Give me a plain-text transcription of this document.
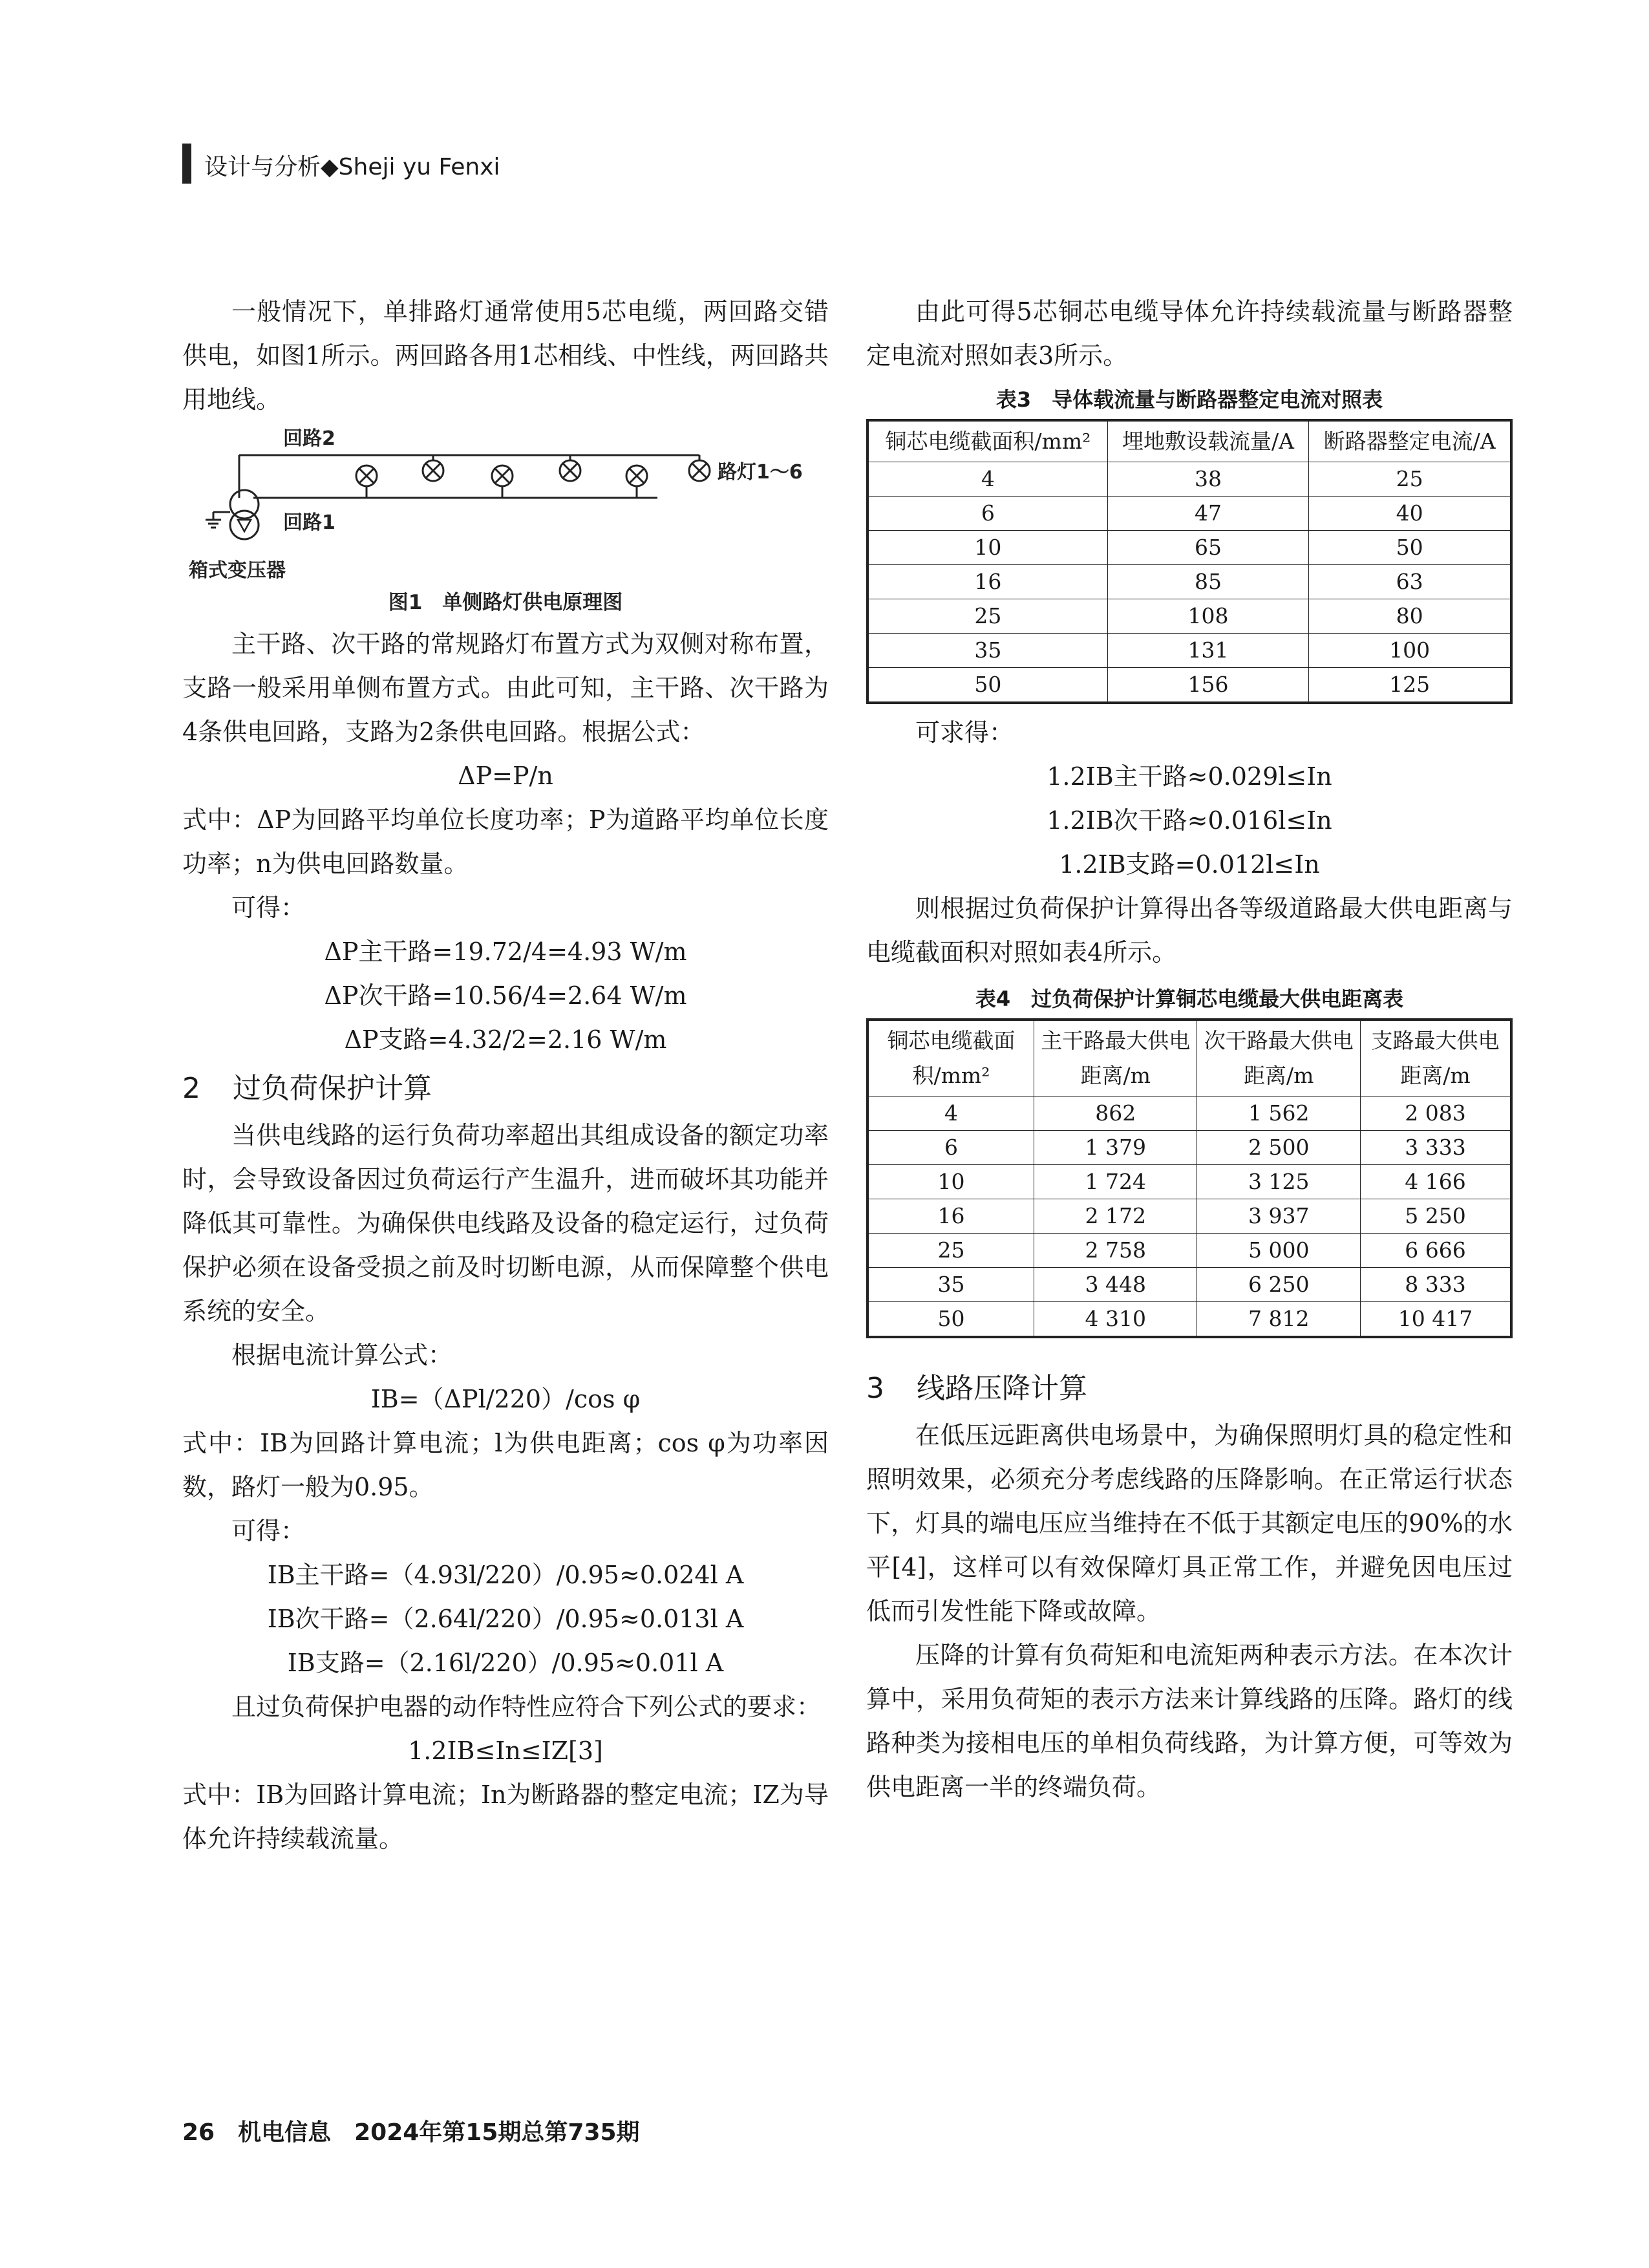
设计与分析◆Sheji yu Fenxi

一般情况下，单排路灯通常使用5芯电缆，两回路交错供电，如图1所示。两回路各用1芯相线、中性线，两回路共用地线。

回路2
回路1
路灯1～6
箱式变压器
图1　单侧路灯供电原理图

主干路、次干路的常规路灯布置方式为双侧对称布置，支路一般采用单侧布置方式。由此可知，主干路、次干路为4条供电回路，支路为2条供电回路。根据公式：

ΔP=P/n

式中：ΔP为回路平均单位长度功率；P为道路平均单位长度功率；n为供电回路数量。

可得：

ΔP主干路=19.72/4=4.93 W/m

ΔP次干路=10.56/4=2.64 W/m

ΔP支路=4.32/2=2.16 W/m

2 过负荷保护计算

当供电线路的运行负荷功率超出其组成设备的额定功率时，会导致设备因过负荷运行产生温升，进而破坏其功能并降低其可靠性。为确保供电线路及设备的稳定运行，过负荷保护必须在设备受损之前及时切断电源，从而保障整个供电系统的安全。

根据电流计算公式：

IB=（ΔPl/220）/cos φ

式中：IB为回路计算电流；l为供电距离；cos φ为功率因数，路灯一般为0.95。

可得：

IB主干路=（4.93l/220）/0.95≈0.024l A

IB次干路=（2.64l/220）/0.95≈0.013l A

IB支路=（2.16l/220）/0.95≈0.01l A

且过负荷保护电器的动作特性应符合下列公式的要求：

1.2IB≤In≤IZ[3]

式中：IB为回路计算电流；In为断路器的整定电流；IZ为导体允许持续载流量。

由此可得5芯铜芯电缆导体允许持续载流量与断路器整定电流对照如表3所示。

表3　导体载流量与断路器整定电流对照表

铜芯电缆截面积/mm²	埋地敷设载流量/A	断路器整定电流/A
4	38	25
6	47	40
10	65	50
16	85	63
25	108	80
35	131	100
50	156	125

可求得：

1.2IB主干路≈0.029l≤In

1.2IB次干路≈0.016l≤In

1.2IB支路=0.012l≤In

则根据过负荷保护计算得出各等级道路最大供电距离与电缆截面积对照如表4所示。

表4　过负荷保护计算铜芯电缆最大供电距离表

铜芯电缆截面积/mm²	主干路最大供电距离/m	次干路最大供电距离/m	支路最大供电距离/m
4	862	1 562	2 083
6	1 379	2 500	3 333
10	1 724	3 125	4 166
16	2 172	3 937	5 250
25	2 758	5 000	6 666
35	3 448	6 250	8 333
50	4 310	7 812	10 417

3 线路压降计算

在低压远距离供电场景中，为确保照明灯具的稳定性和照明效果，必须充分考虑线路的压降影响。在正常运行状态下，灯具的端电压应当维持在不低于其额定电压的90%的水平[4]，这样可以有效保障灯具正常工作，并避免因电压过低而引发性能下降或故障。

压降的计算有负荷矩和电流矩两种表示方法。在本次计算中，采用负荷矩的表示方法来计算线路的压降。路灯的线路种类为接相电压的单相负荷线路，为计算方便，可等效为供电距离一半的终端负荷。

26　机电信息　2024年第15期总第735期
